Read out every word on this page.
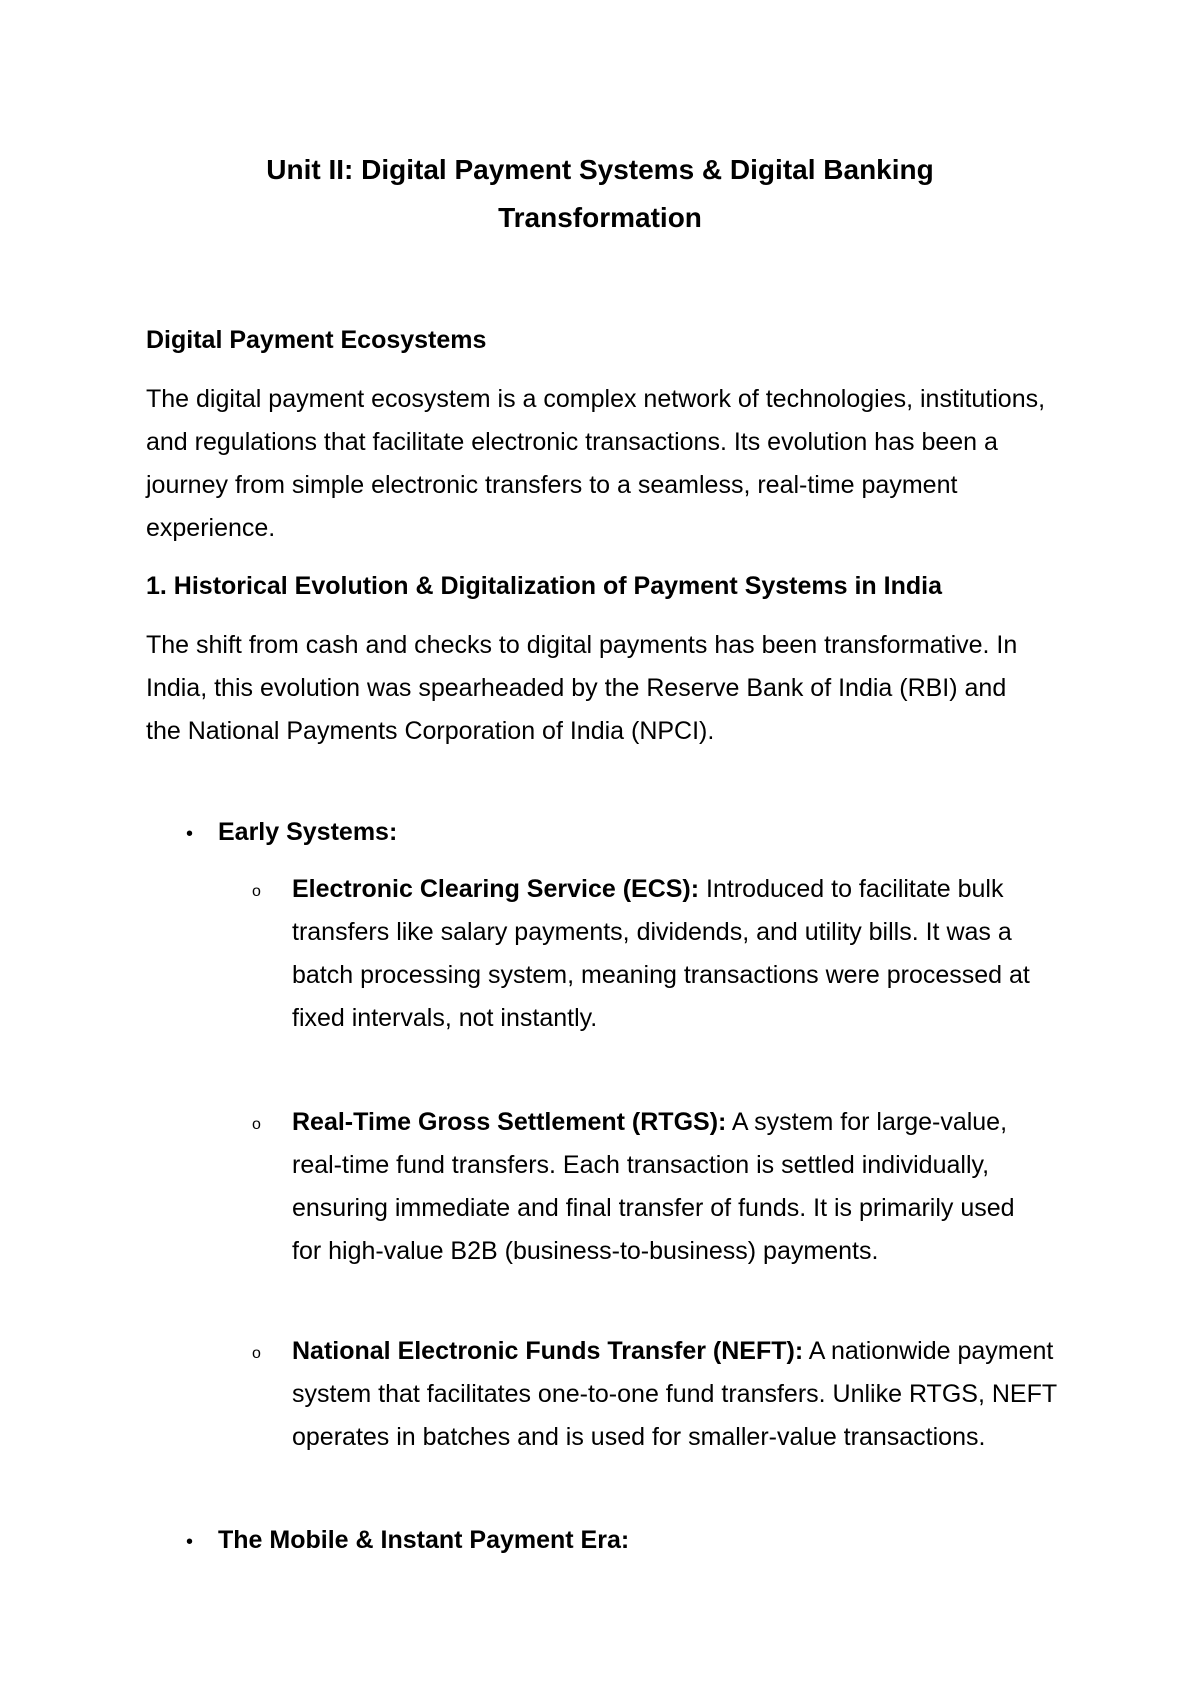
Unit II: Digital Payment Systems & Digital Banking
Transformation
Digital Payment Ecosystems
The digital payment ecosystem is a complex network of technologies, institutions, and regulations that facilitate electronic transactions. Its evolution has been a journey from simple electronic transfers to a seamless, real-time payment experience.
1. Historical Evolution & Digitalization of Payment Systems in India
The shift from cash and checks to digital payments has been transformative. In India, this evolution was spearheaded by the Reserve Bank of India (RBI) and the National Payments Corporation of India (NPCI).
• Early Systems:
o Electronic Clearing Service (ECS): Introduced to facilitate bulk transfers like salary payments, dividends, and utility bills. It was a batch processing system, meaning transactions were processed at fixed intervals, not instantly.
o Real-Time Gross Settlement (RTGS): A system for large-value, real-time fund transfers. Each transaction is settled individually, ensuring immediate and final transfer of funds. It is primarily used for high-value B2B (business-to-business) payments.
o National Electronic Funds Transfer (NEFT): A nationwide payment system that facilitates one-to-one fund transfers. Unlike RTGS, NEFT operates in batches and is used for smaller-value transactions.
• The Mobile & Instant Payment Era:
